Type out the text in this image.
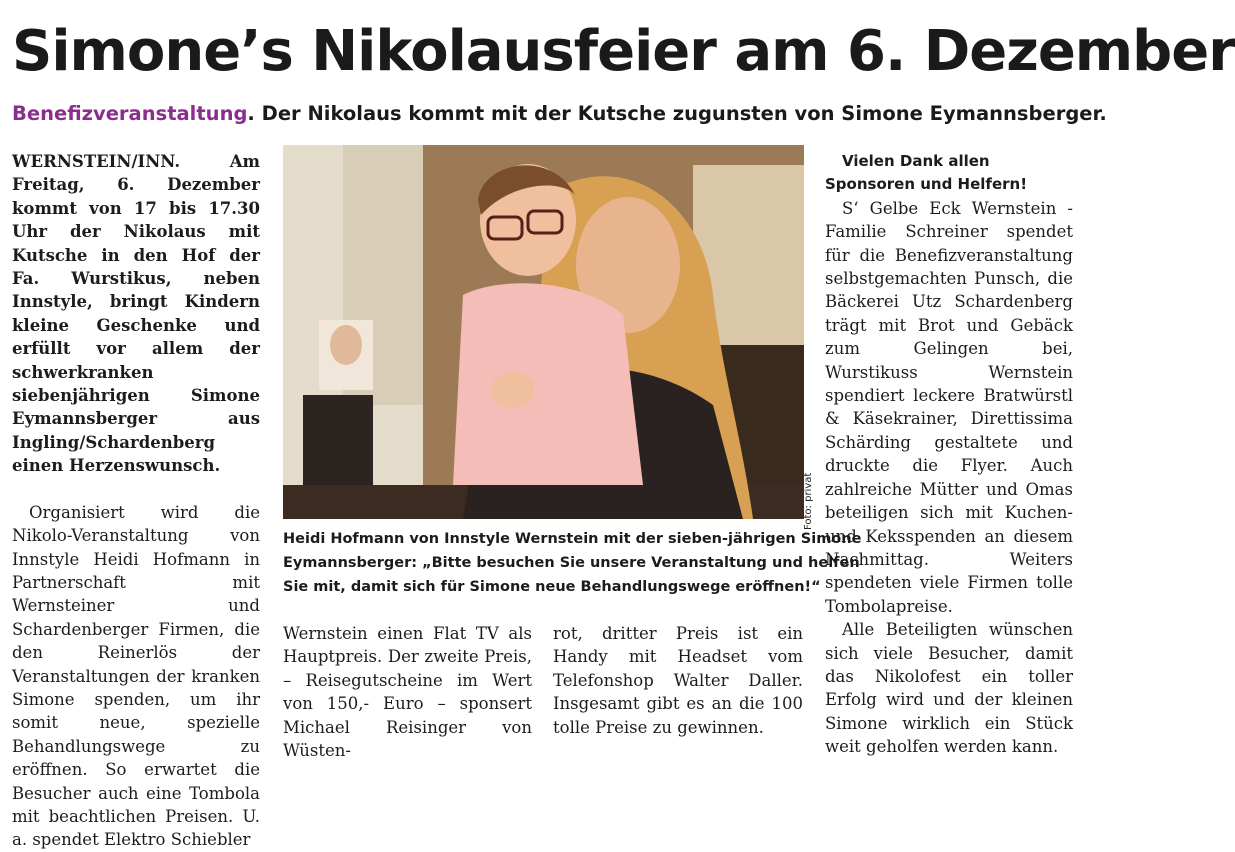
Simone’s Nikolausfeier am 6. Dezember
Benefizveranstaltung. Der Nikolaus kommt mit der Kutsche zugunsten von Simone Eymannsberger.

WERNSTEIN/INN. Am Freitag, 6. Dezember kommt von 17 bis 17.30 Uhr der Nikolaus mit Kutsche in den Hof der Fa. Wurstikus, neben Innstyle, bringt Kindern kleine Geschenke und erfüllt vor allem der schwerkranken siebenjährigen Simone Eymannsberger aus Ingling/Schardenberg einen Herzenswunsch.

Organisiert wird die Nikolo-Veranstaltung von Innstyle Heidi Hofmann in Partnerschaft mit Wernsteiner und Schardenberger Firmen, die den Reinerlös der Veranstaltungen der kranken Simone spenden, um ihr somit neue, spezielle Behandlungswege zu eröffnen. So erwartet die Besucher auch eine Tombola mit beachtlichen Preisen. U. a. spendet Elektro Schiebler

Foto: privat

Heidi Hofmann von Innstyle Wernstein mit der sieben-jährigen Simone

Eymannsberger: „Bitte besuchen Sie unsere Veranstaltung und helfen

Sie mit, damit sich für Simone neue Behandlungswege eröffnen!“

Wernstein einen Flat TV als Hauptpreis. Der zweite Preis, – Reisegutscheine im Wert von 150,- Euro – sponsert Michael Reisinger von Wüsten-

rot, dritter Preis ist ein Handy mit Headset vom Telefonshop Walter Daller. Insgesamt gibt es an die 100 tolle Preise zu gewinnen.

Vielen Dank allen Sponsoren und Helfern!

S‘ Gelbe Eck Wernstein - Familie Schreiner spendet für die Benefizveranstaltung selbstgemachten Punsch, die Bäckerei Utz Schardenberg trägt mit Brot und Gebäck zum Gelingen bei, Wurstikuss Wernstein spendiert leckere Bratwürstl & Käsekrainer, Direttissima Schärding gestaltete und druckte die Flyer. Auch zahlreiche Mütter und Omas beteiligen sich mit Kuchen- und Keksspenden an diesem Nachmittag. Weiters spendeten viele Firmen tolle Tombolapreise.

Alle Beteiligten wünschen sich viele Besucher, damit das Nikolofest ein toller Erfolg wird und der kleinen Simone wirklich ein Stück weit geholfen werden kann.
